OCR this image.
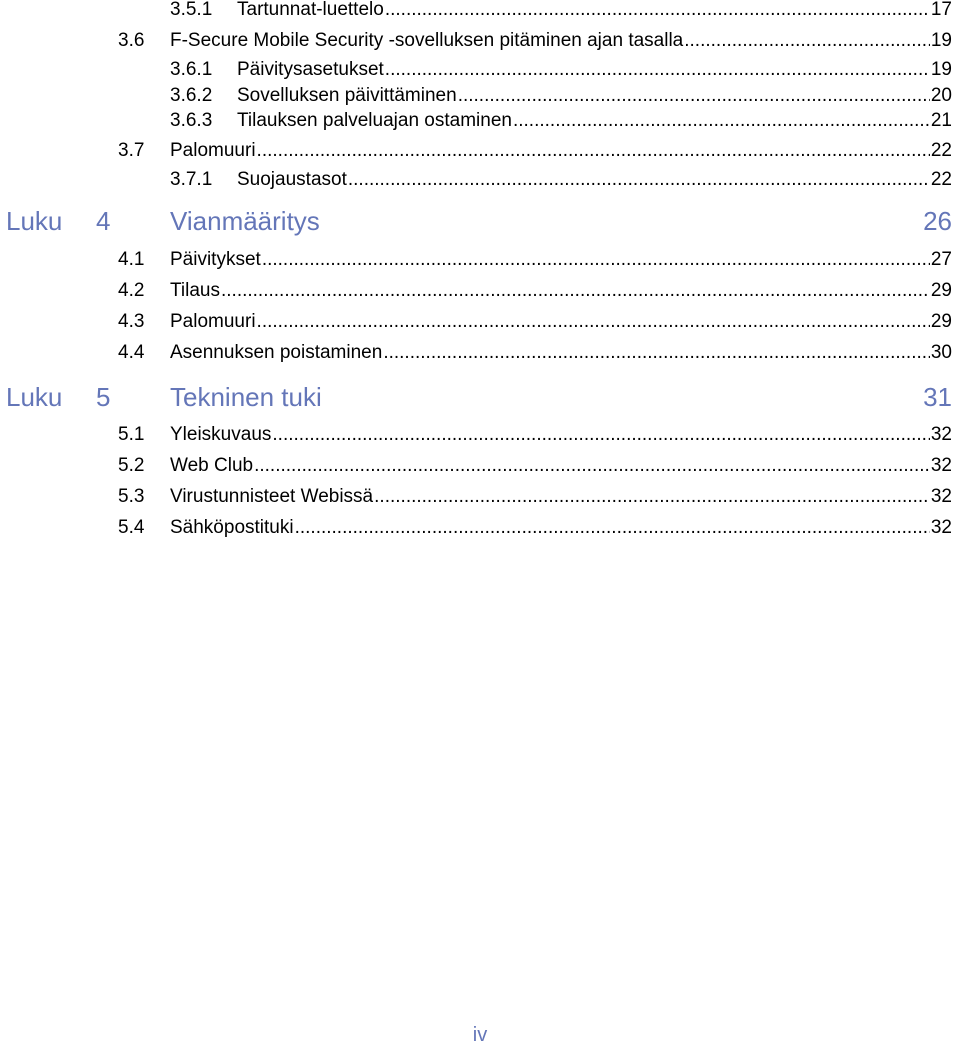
3.5.1	Tartunnat-luettelo .....	17
3.6	F-Secure Mobile Security -sovelluksen pitäminen ajan tasalla .....	19
3.6.1	Päivitysasetukset .....	19
3.6.2	Sovelluksen päivittäminen .....	20
3.6.3	Tilauksen palveluajan ostaminen .....	21
3.7	Palomuuri .....	22
3.7.1	Suojaustasot .....	22
Luku	4	Vianmääritys	26
4.1	Päivitykset .....	27
4.2	Tilaus .....	29
4.3	Palomuuri .....	29
4.4	Asennuksen poistaminen .....	30
Luku	5	Tekninen tuki	31
5.1	Yleiskuvaus .....	32
5.2	Web Club .....	32
5.3	Virustunnisteet Webissä .....	32
5.4	Sähköpostituki .....	32
iv
